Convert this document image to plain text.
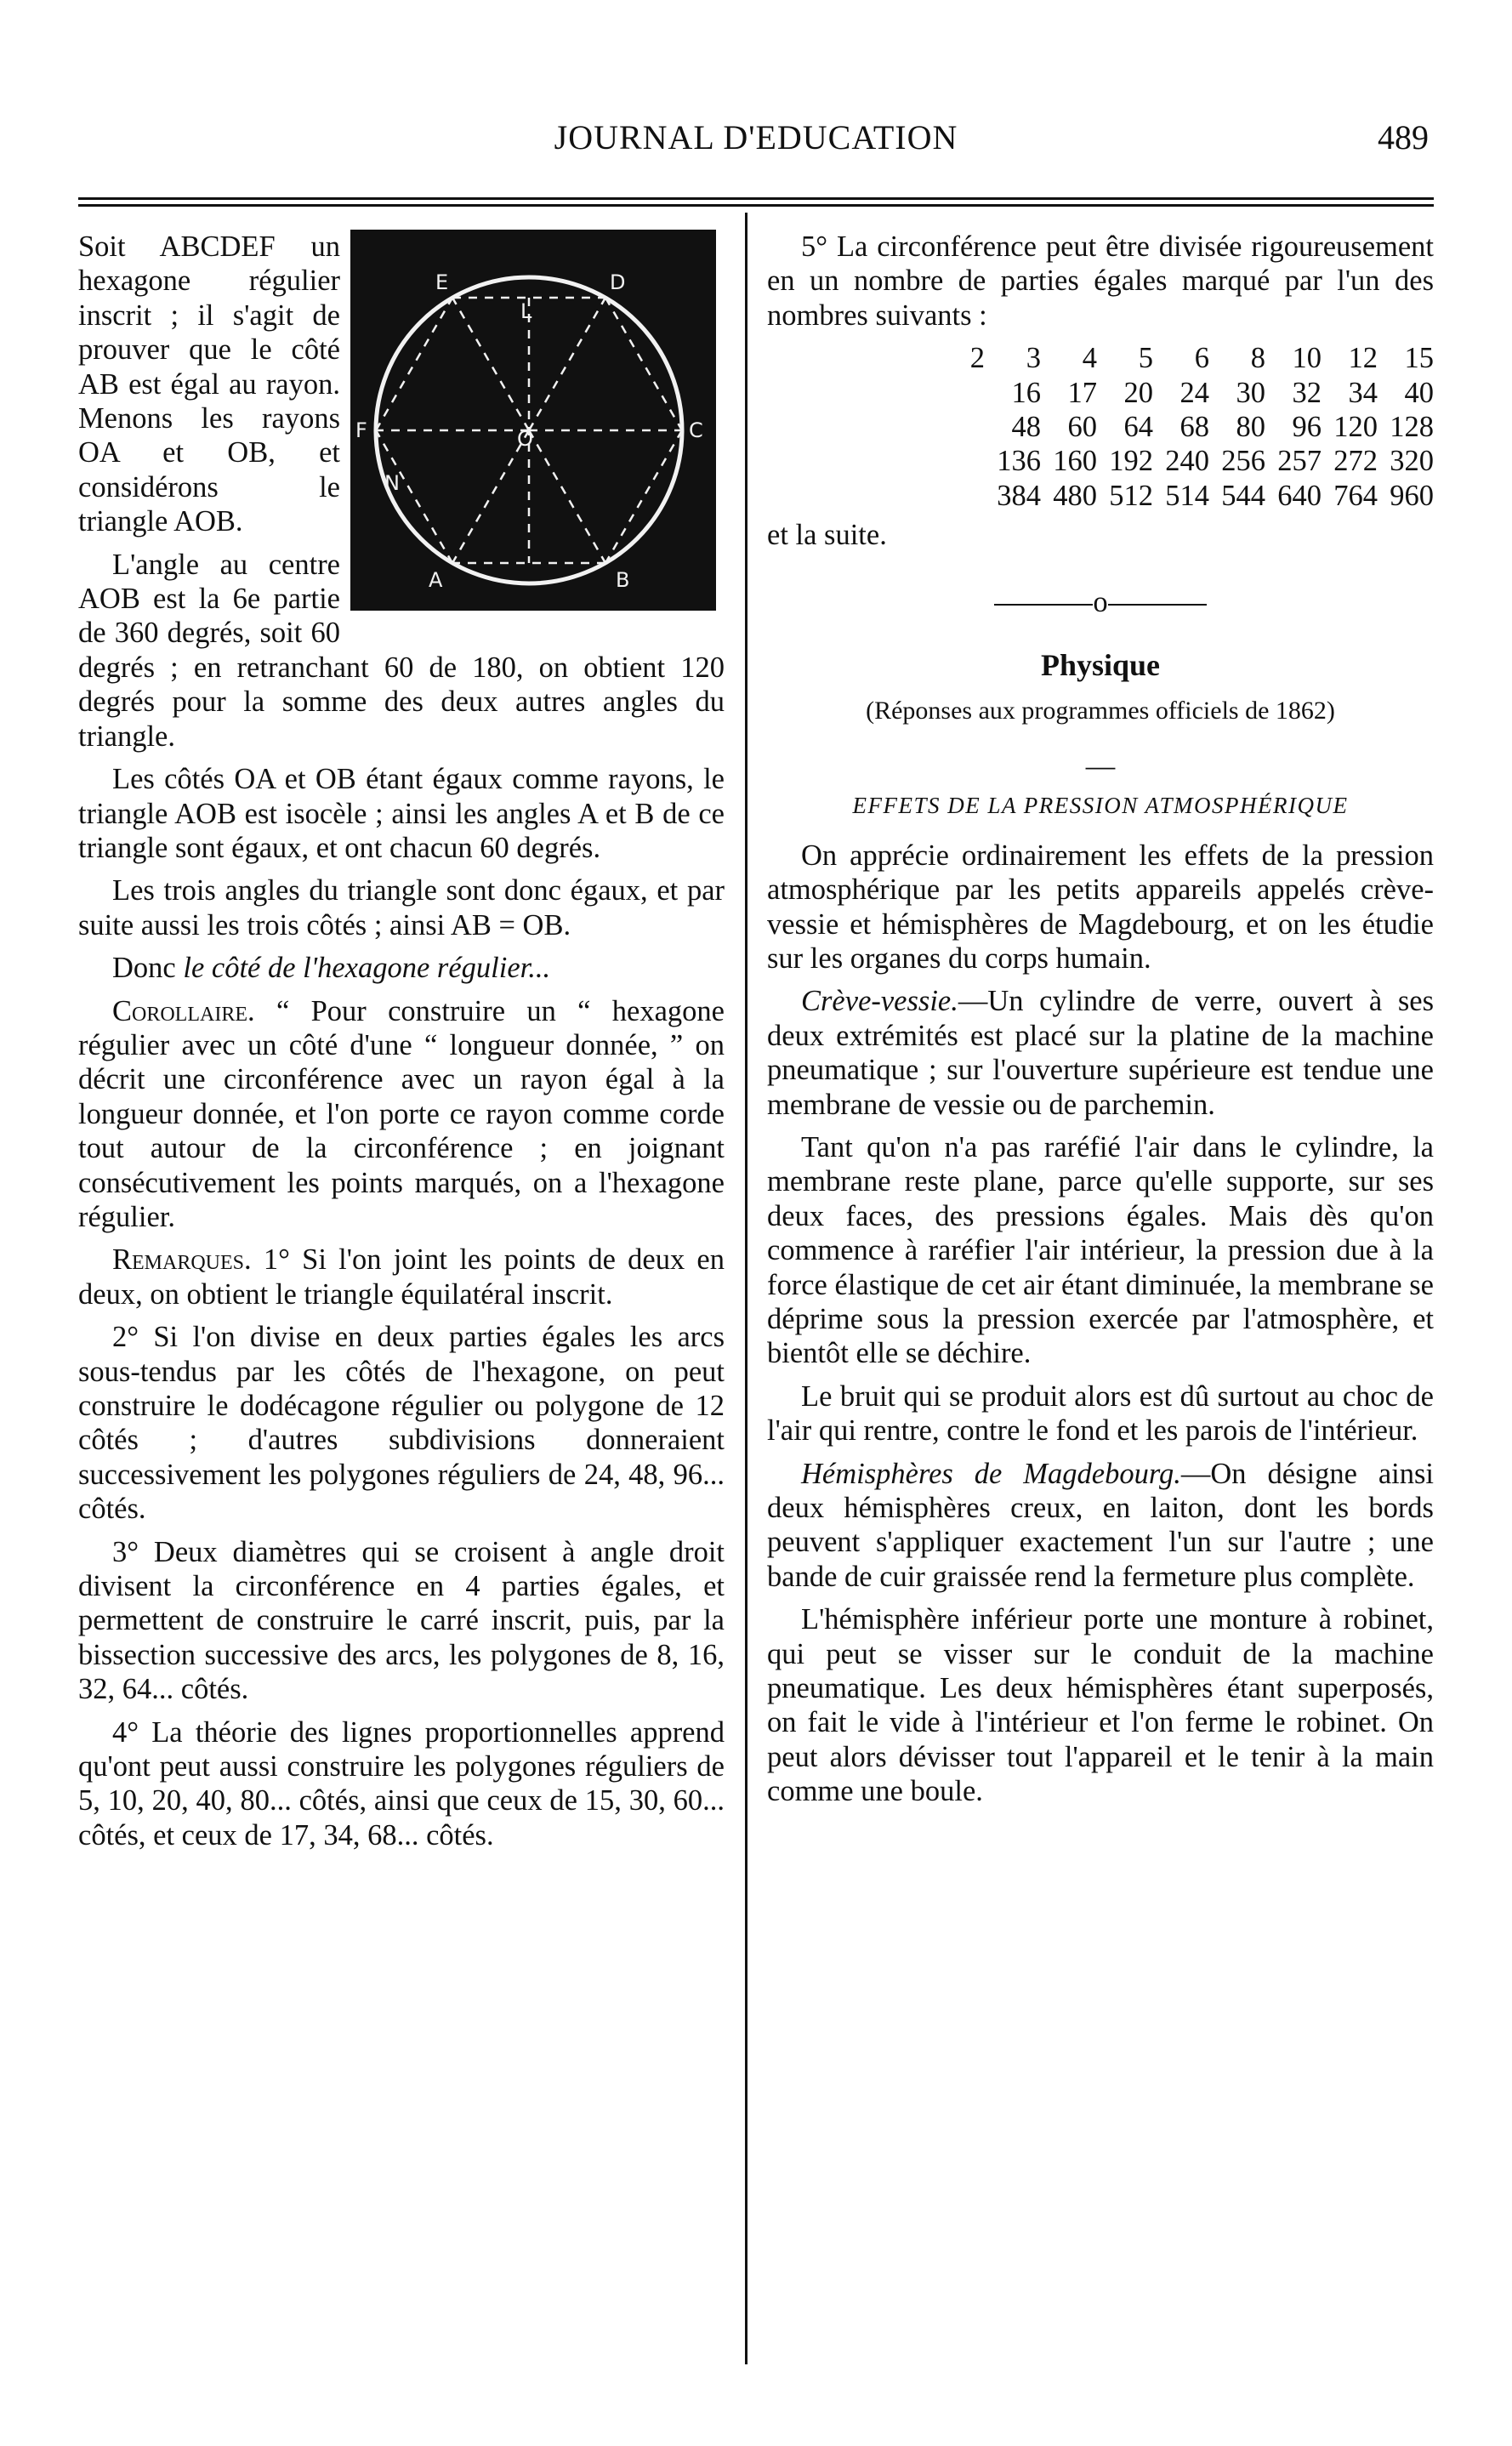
JOURNAL D'EDUCATION	489
E	D
L
F	O	C
N
A	B

Soit ABCDEF un hexagone régulier inscrit ; il s'agit de prouver que le côté AB est égal au rayon. Menons les rayons OA et OB, et considérons le triangle AOB.

L'angle au centre AOB est la 6e partie de 360 degrés, soit 60 degrés ; en retranchant 60 de 180, on obtient 120 degrés pour la somme des deux autres angles du triangle.

Les côtés OA et OB étant égaux comme rayons, le triangle AOB est isocèle ; ainsi les angles A et B de ce triangle sont égaux, et ont chacun 60 degrés.

Les trois angles du triangle sont donc égaux, et par suite aussi les trois côtés ; ainsi AB = OB.

Donc le côté de l'hexagone régulier...

Corollaire. “ Pour construire un “ hexagone régulier avec un côté d'une “ longueur donnée, ” on décrit une circonférence avec un rayon égal à la longueur donnée, et l'on porte ce rayon comme corde tout autour de la circonférence ; en joignant consécutivement les points marqués, on a l'hexagone régulier.

Remarques. 1° Si l'on joint les points de deux en deux, on obtient le triangle équilatéral inscrit.

2° Si l'on divise en deux parties égales les arcs sous-tendus par les côtés de l'hexagone, on peut construire le dodécagone régulier ou polygone de 12 côtés ; d'autres subdivisions donneraient successivement les polygones réguliers de 24, 48, 96... côtés.

3° Deux diamètres qui se croisent à angle droit divisent la circonférence en 4 parties égales, et permettent de construire le carré inscrit, puis, par la bissection successive des arcs, les polygones de 8, 16, 32, 64... côtés.

4° La théorie des lignes proportionnelles apprend qu'ont peut aussi construire les polygones réguliers de 5, 10, 20, 40, 80... côtés, ainsi que ceux de 15, 30, 60... côtés, et ceux de 17, 34, 68... côtés.

5° La circonférence peut être divisée rigoureusement en un nombre de parties égales marqué par l'un des nombres suivants :

2	3	4	5	6	8 10 12 15
16 17 20 24 30 32 34 40
48 60 64 68 80 96 120 128
136 160 192 240 256 257 272 320
384 480 512 514 544 640 764 960

et la suite.

o
Physique
(Réponses aux programmes officiels de 1862)
—
EFFETS DE LA PRESSION ATMOSPHÉRIQUE

On apprécie ordinairement les effets de la pression atmosphérique par les petits appareils appelés crève-vessie et hémisphères de Magdebourg, et on les étudie sur les organes du corps humain.

Crève-vessie.—Un cylindre de verre, ouvert à ses deux extrémités est placé sur la platine de la machine pneumatique ; sur l'ouverture supérieure est tendue une membrane de vessie ou de parchemin.

Tant qu'on n'a pas raréfié l'air dans le cylindre, la membrane reste plane, parce qu'elle supporte, sur ses deux faces, des pressions égales. Mais dès qu'on commence à raréfier l'air intérieur, la pression due à la force élastique de cet air étant diminuée, la membrane se déprime sous la pression exercée par l'atmosphère, et bientôt elle se déchire.

Le bruit qui se produit alors est dû surtout au choc de l'air qui rentre, contre le fond et les parois de l'intérieur.

Hémisphères de Magdebourg.—On désigne ainsi deux hémisphères creux, en laiton, dont les bords peuvent s'appliquer exactement l'un sur l'autre ; une bande de cuir graissée rend la fermeture plus complète.

L'hémisphère inférieur porte une monture à robinet, qui peut se visser sur le conduit de la machine pneumatique. Les deux hémisphères étant superposés, on fait le vide à l'intérieur et l'on ferme le robinet. On peut alors dévisser tout l'appareil et le tenir à la main comme une boule.
